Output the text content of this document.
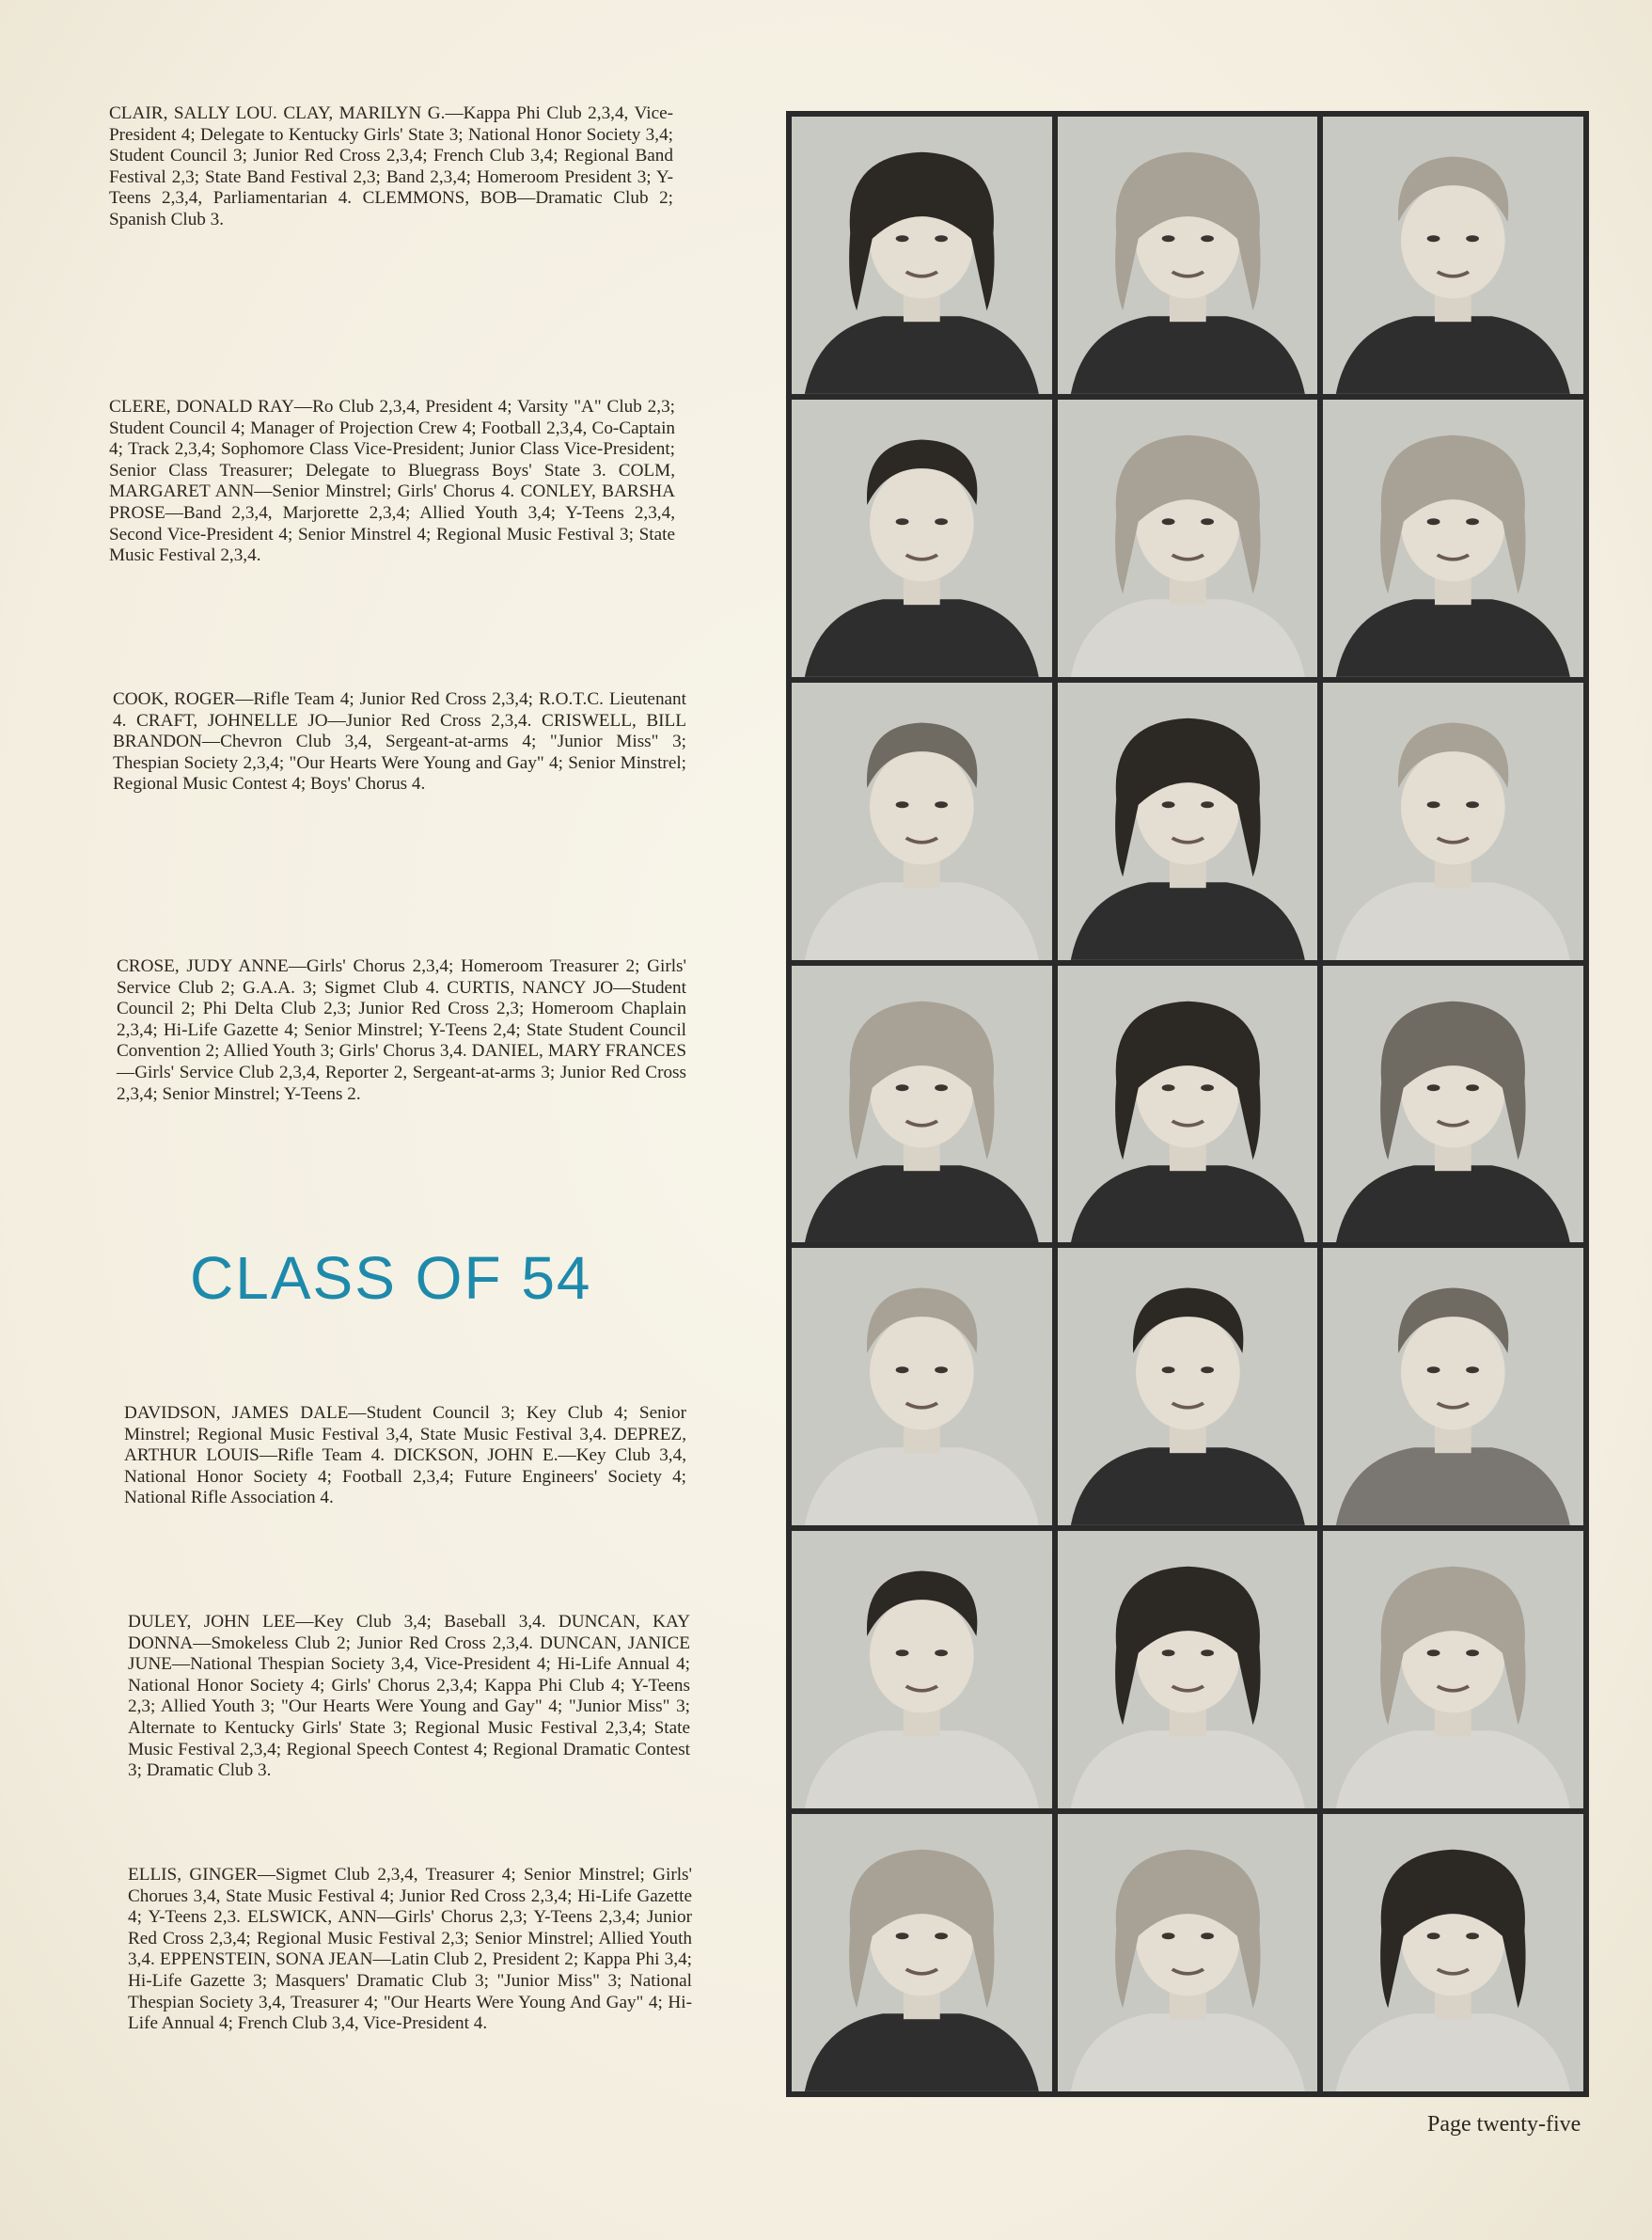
CLAIR, SALLY LOU. CLAY, MARILYN G.—Kappa Phi Club 2,3,4, Vice-President 4; Delegate to Kentucky Girls' State 3; National Honor Society 3,4; Student Council 3; Junior Red Cross 2,3,4; French Club 3,4; Regional Band Festival 2,3; State Band Festival 2,3; Band 2,3,4; Homeroom President 3; Y-Teens 2,3,4, Parliamentarian 4. CLEMMONS, BOB—Dramatic Club 2; Spanish Club 3.

CLERE, DONALD RAY—Ro Club 2,3,4, President 4; Varsity "A" Club 2,3; Student Council 4; Manager of Projection Crew 4; Football 2,3,4, Co-Captain 4; Track 2,3,4; Sophomore Class Vice-President; Junior Class Vice-President; Senior Class Treasurer; Delegate to Bluegrass Boys' State 3. COLM, MARGARET ANN—Senior Minstrel; Girls' Chorus 4. CONLEY, BARSHA PROSE—Band 2,3,4, Marjorette 2,3,4; Allied Youth 3,4; Y-Teens 2,3,4, Second Vice-President 4; Senior Minstrel 4; Regional Music Festival 3; State Music Festival 2,3,4.

COOK, ROGER—Rifle Team 4; Junior Red Cross 2,3,4; R.O.T.C. Lieutenant 4. CRAFT, JOHNELLE JO—Junior Red Cross 2,3,4. CRISWELL, BILL BRANDON—Chevron Club 3,4, Sergeant-at-arms 4; "Junior Miss" 3; Thespian Society 2,3,4; "Our Hearts Were Young and Gay" 4; Senior Minstrel; Regional Music Contest 4; Boys' Chorus 4.

CROSE, JUDY ANNE—Girls' Chorus 2,3,4; Homeroom Treasurer 2; Girls' Service Club 2; G.A.A. 3; Sigmet Club 4. CURTIS, NANCY JO—Student Council 2; Phi Delta Club 2,3; Junior Red Cross 2,3; Homeroom Chaplain 2,3,4; Hi-Life Gazette 4; Senior Minstrel; Y-Teens 2,4; State Student Council Convention 2; Allied Youth 3; Girls' Chorus 3,4. DANIEL, MARY FRANCES—Girls' Service Club 2,3,4, Reporter 2, Sergeant-at-arms 3; Junior Red Cross 2,3,4; Senior Minstrel; Y-Teens 2.

CLASS OF 54

DAVIDSON, JAMES DALE—Student Council 3; Key Club 4; Senior Minstrel; Regional Music Festival 3,4, State Music Festival 3,4. DEPREZ, ARTHUR LOUIS—Rifle Team 4. DICKSON, JOHN E.—Key Club 3,4, National Honor Society 4; Football 2,3,4; Future Engineers' Society 4; National Rifle Association 4.

DULEY, JOHN LEE—Key Club 3,4; Baseball 3,4. DUNCAN, KAY DONNA—Smokeless Club 2; Junior Red Cross 2,3,4. DUNCAN, JANICE JUNE—National Thespian Society 3,4, Vice-President 4; Hi-Life Annual 4; National Honor Society 4; Girls' Chorus 2,3,4; Kappa Phi Club 4; Y-Teens 2,3; Allied Youth 3; "Our Hearts Were Young and Gay" 4; "Junior Miss" 3; Alternate to Kentucky Girls' State 3; Regional Music Festival 2,3,4; State Music Festival 2,3,4; Regional Speech Contest 4; Regional Dramatic Contest 3; Dramatic Club 3.

ELLIS, GINGER—Sigmet Club 2,3,4, Treasurer 4; Senior Minstrel; Girls' Chorues 3,4, State Music Festival 4; Junior Red Cross 2,3,4; Hi-Life Gazette 4; Y-Teens 2,3. ELSWICK, ANN—Girls' Chorus 2,3; Y-Teens 2,3,4; Junior Red Cross 2,3,4; Regional Music Festival 2,3; Senior Minstrel; Allied Youth 3,4. EPPENSTEIN, SONA JEAN—Latin Club 2, President 2; Kappa Phi 3,4; Hi-Life Gazette 3; Masquers' Dramatic Club 3; "Junior Miss" 3; National Thespian Society 3,4, Treasurer 4; "Our Hearts Were Young And Gay" 4; Hi-Life Annual 4; French Club 3,4, Vice-President 4.

Page twenty-five
